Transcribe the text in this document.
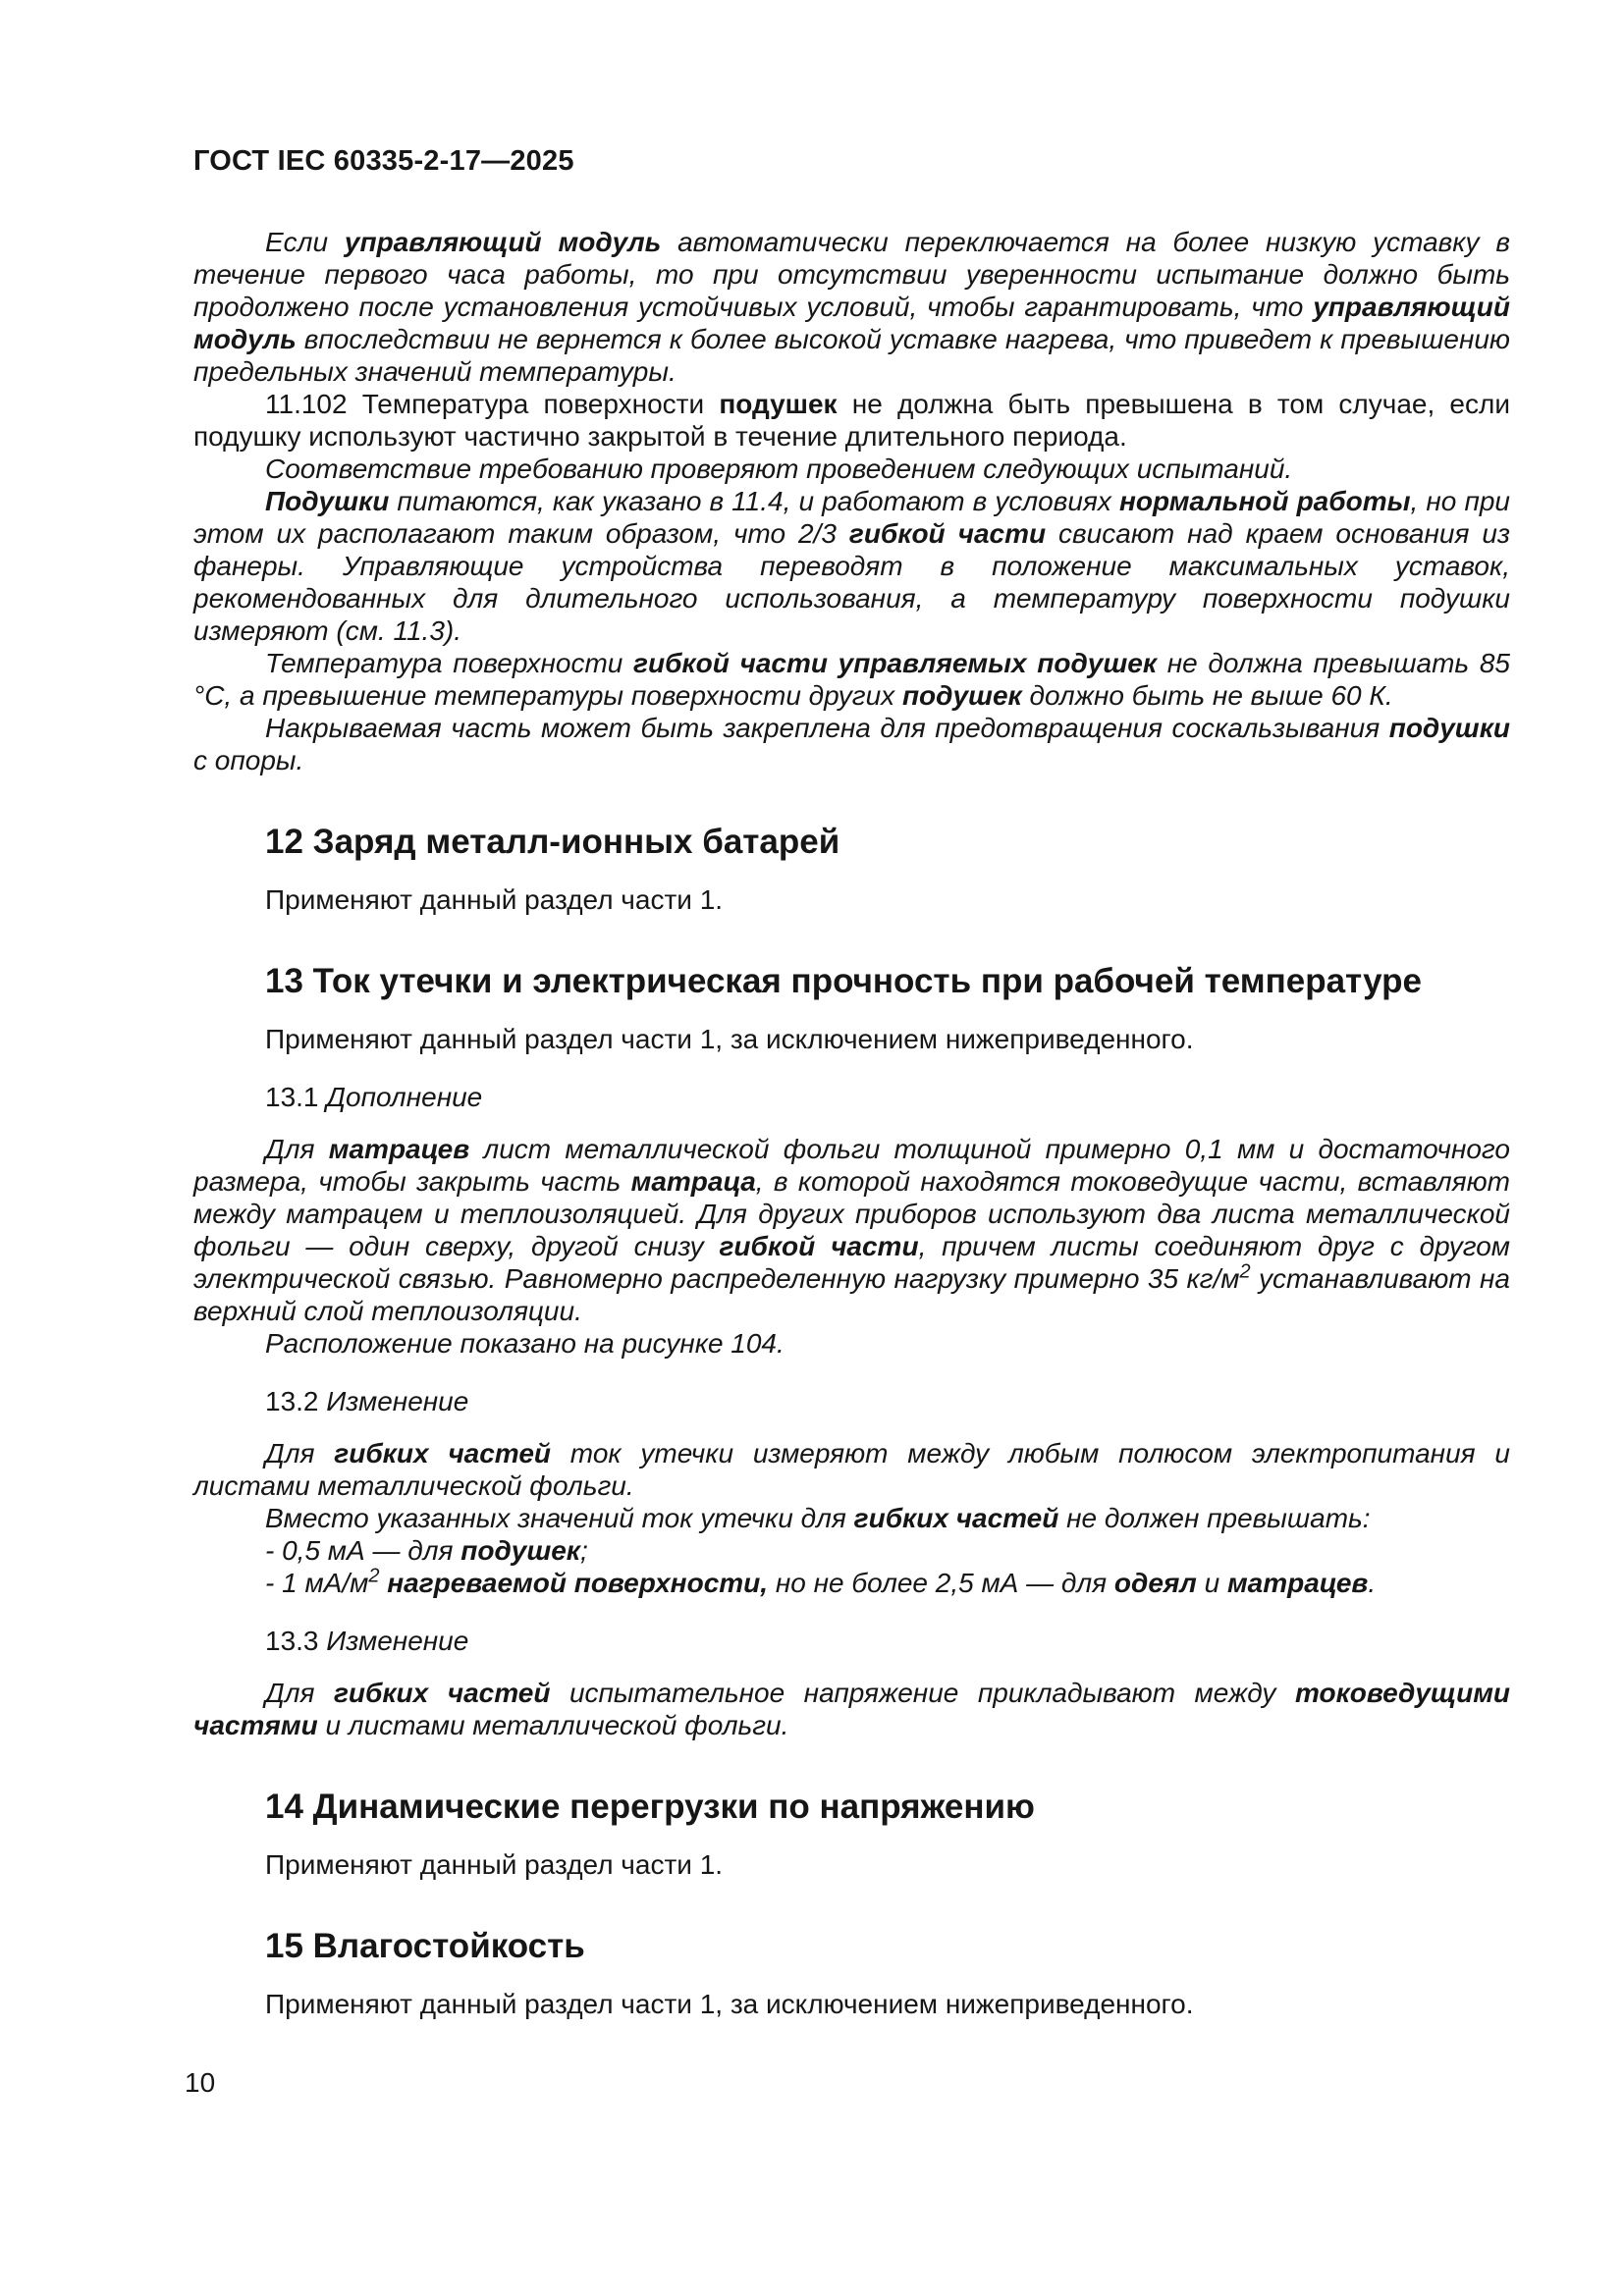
ГОСТ IEC 60335-2-17—2025

Если управляющий модуль автоматически переключается на более низкую уставку в течение первого часа работы, то при отсутствии уверенности испытание должно быть продолжено после установления устойчивых условий, чтобы гарантировать, что управляющий модуль впоследствии не вернется к более высокой уставке нагрева, что приведет к превышению предельных значений температуры.

11.102 Температура поверхности подушек не должна быть превышена в том случае, если подушку используют частично закрытой в течение длительного периода.

Соответствие требованию проверяют проведением следующих испытаний.

Подушки питаются, как указано в 11.4, и работают в условиях нормальной работы, но при этом их располагают таким образом, что 2/3 гибкой части свисают над краем основания из фанеры. Управляющие устройства переводят в положение максимальных уставок, рекомендованных для длительного использования, а температуру поверхности подушки измеряют (см. 11.3).

Температура поверхности гибкой части управляемых подушек не должна превышать 85 °С, а превышение температуры поверхности других подушек должно быть не выше 60 К.

Накрываемая часть может быть закреплена для предотвращения соскальзывания подушки с опоры.

12 Заряд металл-ионных батарей

Применяют данный раздел части 1.

13 Ток утечки и электрическая прочность при рабочей температуре

Применяют данный раздел части 1, за исключением нижеприведенного.

13.1 Дополнение

Для матрацев лист металлической фольги толщиной примерно 0,1 мм и достаточного размера, чтобы закрыть часть матраца, в которой находятся токоведущие части, вставляют между матрацем и теплоизоляцией. Для других приборов используют два листа металлической фольги — один сверху, другой снизу гибкой части, причем листы соединяют друг с другом электрической связью. Равномерно распределенную нагрузку примерно 35 $кг/м^2$ устанавливают на верхний слой теплоизоляции.

Расположение показано на рисунке 104.

13.2 Изменение

Для гибких частей ток утечки измеряют между любым полюсом электропитания и листами металлической фольги.

Вместо указанных значений ток утечки для гибких частей не должен превышать:

- 0,5 мА — для подушек;

- 1 $мА/м^2$ нагреваемой поверхности, но не более 2,5 мА — для одеял и матрацев.

13.3 Изменение

Для гибких частей испытательное напряжение прикладывают между токоведущими частями и листами металлической фольги.

14 Динамические перегрузки по напряжению

Применяют данный раздел части 1.

15 Влагостойкость

Применяют данный раздел части 1, за исключением нижеприведенного.

10
